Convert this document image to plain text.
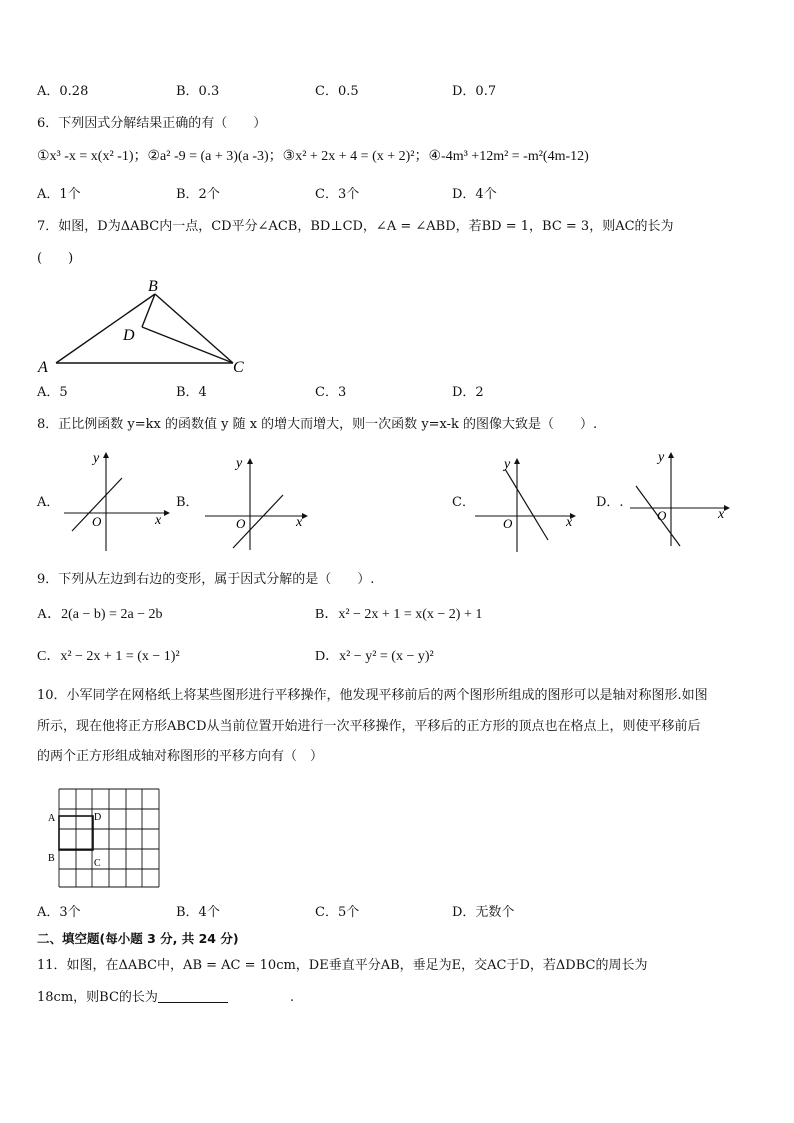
A．0.28	B．0.3	C．0.5	D．0.7
6．下列因式分解结果正确的有（　　）
①x³ -x = x(x² -1)；②a² -9 = (a + 3)(a -3)；③x² + 2x + 4 = (x + 2)²；④-4m³ +12m² = -m²(4m-12)
A．1个	B．2个	C．3个	D．4个
7．如图，D为ΔABC内一点，CD平分∠ACB，BD⊥CD，∠A = ∠ABD，若BD = 1，BC = 3，则AC的长为
(　　)
B
D
A	C
A．5	B．4	C．3	D．2
8．正比例函数 y=kx 的函数值 y 随 x 的增大而增大，则一次函数 y=x-k 的图像大致是（　　）.
A．
y
x
O
B．
y
x
O
C．
y
x
O
D．.
y
x
O
9．下列从左边到右边的变形，属于因式分解的是（　　）.
A．2(a − b) = 2a − 2b	B．x² − 2x + 1 = x(x − 2) + 1
C．x² − 2x + 1 = (x − 1)²	D．x² − y² = (x − y)²
10．小军同学在网格纸上将某些图形进行平移操作，他发现平移前后的两个图形所组成的图形可以是轴对称图形.如图
所示，现在他将正方形ABCD从当前位置开始进行一次平移操作，平移后的正方形的顶点也在格点上，则使平移前后
的两个正方形组成轴对称图形的平移方向有（　）
A	D
B	C
A．3个	B．4个	C．5个	D．无数个
二、填空题(每小题 3 分, 共 24 分)
11．如图，在ΔABC中，AB = AC = 10cm，DE垂直平分AB，垂足为E，交AC于D，若ΔDBC的周长为
18cm，则BC的长为	.
